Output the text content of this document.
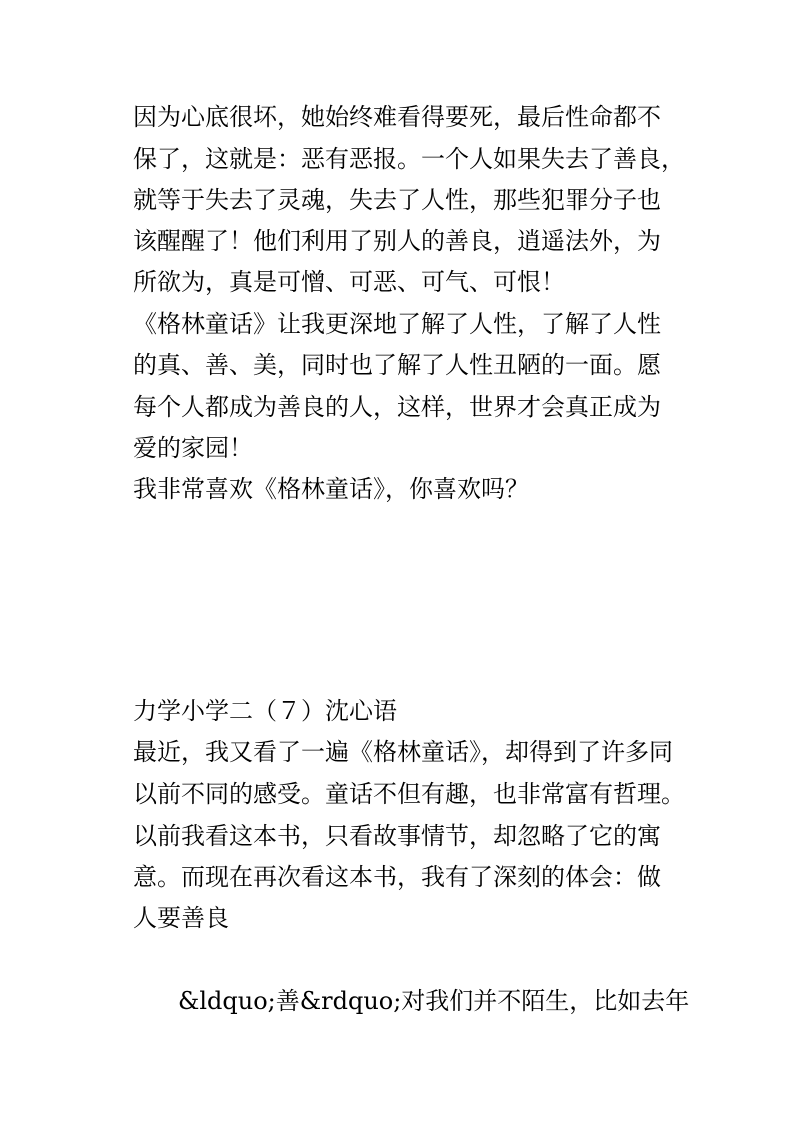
因为心底很坏，她始终难看得要死，最后性命都不
保了，这就是：恶有恶报。一个人如果失去了善良，
就等于失去了灵魂，失去了人性，那些犯罪分子也
该醒醒了！他们利用了别人的善良，逍遥法外，为
所欲为，真是可憎、可恶、可气、可恨！
《格林童话》让我更深地了解了人性，了解了人性
的真、善、美，同时也了解了人性丑陋的一面。愿
每个人都成为善良的人，这样，世界才会真正成为
爱的家园！
我非常喜欢《格林童话》，你喜欢吗？
力学小学二（７）沈心语
最近，我又看了一遍《格林童话》，却得到了许多同
以前不同的感受。童话不但有趣，也非常富有哲理。
以前我看这本书，只看故事情节，却忽略了它的寓
意。而现在再次看这本书，我有了深刻的体会：做
人要善良
&ldquo;善&rdquo;对我们并不陌生，比如去年
